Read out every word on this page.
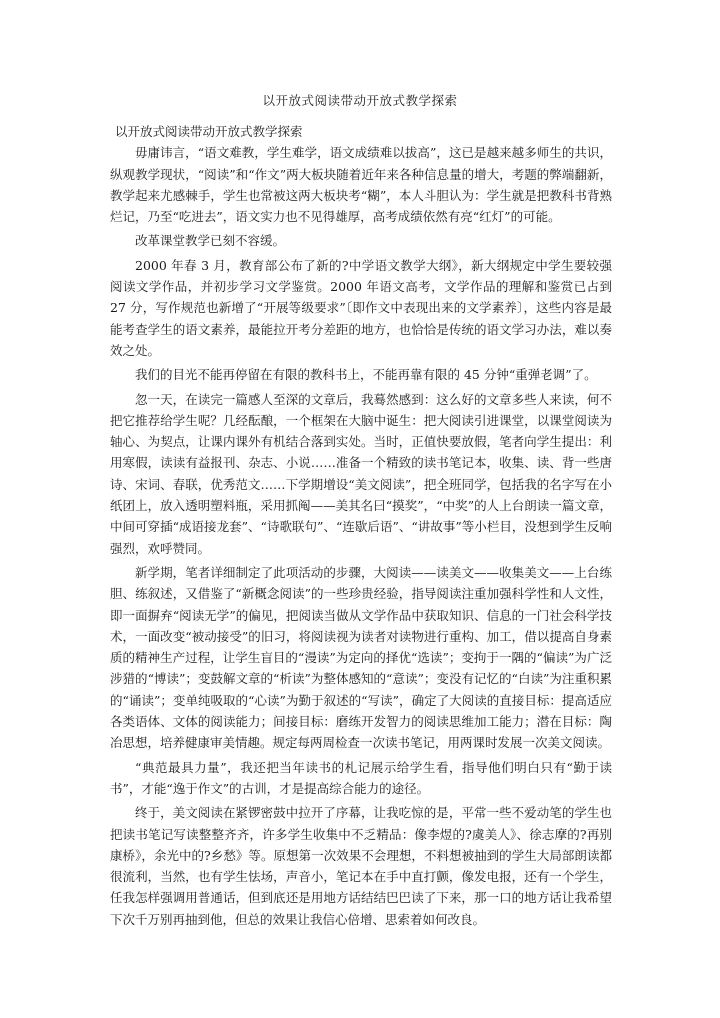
以开放式阅读带动开放式教学探索

以开放式阅读带动开放式教学探索

毋庸讳言，“语文难教，学生难学，语文成绩难以拔高”，这已是越来越多师生的共识，纵观教学现状，“阅读”和“作文”两大板块随着近年来各种信息量的增大，考题的弊端翻新，教学起来尤感棘手，学生也常被这两大板块考“糊”，本人斗胆认为：学生就是把教科书背熟烂记，乃至“吃进去”，语文实力也不见得雄厚，高考成绩依然有亮“红灯”的可能。

改革课堂教学已刻不容缓。

2000 年春 3 月，教育部公布了新的?中学语文教学大纲》，新大纲规定中学生要较强阅读文学作品，并初步学习文学鉴赏。2000 年语文高考，文学作品的理解和鉴赏已占到 27 分，写作规范也新增了“开展等级要求”〔即作文中表现出来的文学素养〕，这些内容是最能考查学生的语文素养，最能拉开考分差距的地方，也恰恰是传统的语文学习办法，难以奏效之处。

我们的目光不能再停留在有限的教科书上，不能再靠有限的 45 分钟“重弹老调”了。

忽一天，在读完一篇感人至深的文章后，我蓦然感到：这么好的文章多些人来读，何不把它推荐给学生呢？几经酝酿，一个框架在大脑中诞生：把大阅读引进课堂，以课堂阅读为轴心、为契点，让课内课外有机结合落到实处。当时，正值快要放假，笔者向学生提出：利用寒假，读读有益报刊、杂志、小说……准备一个精致的读书笔记本，收集、读、背一些唐诗、宋词、春联，优秀范文……下学期增设“美文阅读”，把全班同学，包括我的名字写在小纸团上，放入透明塑料瓶，采用抓阄——美其名曰“摸奖”，“中奖”的人上台朗读一篇文章，中间可穿插“成语接龙套”、“诗歌联句”、“连歇后语”、“讲故事”等小栏目，没想到学生反响强烈，欢呼赞同。

新学期，笔者详细制定了此项活动的步骤，大阅读——读美文——收集美文——上台练胆、练叙述，又借鉴了“新概念阅读”的一些珍贵经验，指导阅读注重加强科学性和人文性，即一面摒弃“阅读无学”的偏见，把阅读当做从文学作品中获取知识、信息的一门社会科学技术，一面改变“被动接受”的旧习，将阅读视为读者对读物进行重构、加工，借以提高自身素质的精神生产过程，让学生盲目的“漫读”为定向的择优“选读”；变拘于一隅的“偏读”为广泛涉猎的“博读”；变鼓解文章的“析读”为整体感知的“意读”；变没有记忆的“白读”为注重积累的“诵读”；变单纯吸取的“心读”为勤于叙述的“写读”，确定了大阅读的直接目标：提高适应各类语体、文体的阅读能力；间接目标：磨练开发智力的阅读思维加工能力；潜在目标：陶冶思想，培养健康审美情趣。规定每两周检查一次读书笔记，用两课时发展一次美文阅读。

“典范最具力量”，我还把当年读书的札记展示给学生看，指导他们明白只有“勤于读书”，才能“逸于作文”的古训，才是提高综合能力的途径。

终于，美文阅读在紧锣密鼓中拉开了序幕，让我吃惊的是，平常一些不爱动笔的学生也把读书笔记写读整整齐齐，许多学生收集中不乏精品：像李煜的?虞美人》、徐志摩的?再别康桥》，余光中的?乡愁》等。原想第一次效果不会理想，不料想被抽到的学生大局部朗读都很流利，当然，也有学生怯场，声音小，笔记本在手中直打颤，像发电报，还有一个学生，任我怎样强调用普通话，但到底还是用地方话结结巴巴读了下来，那一口的地方话让我希望下次千万别再抽到他，但总的效果让我信心倍增、思索着如何改良。
